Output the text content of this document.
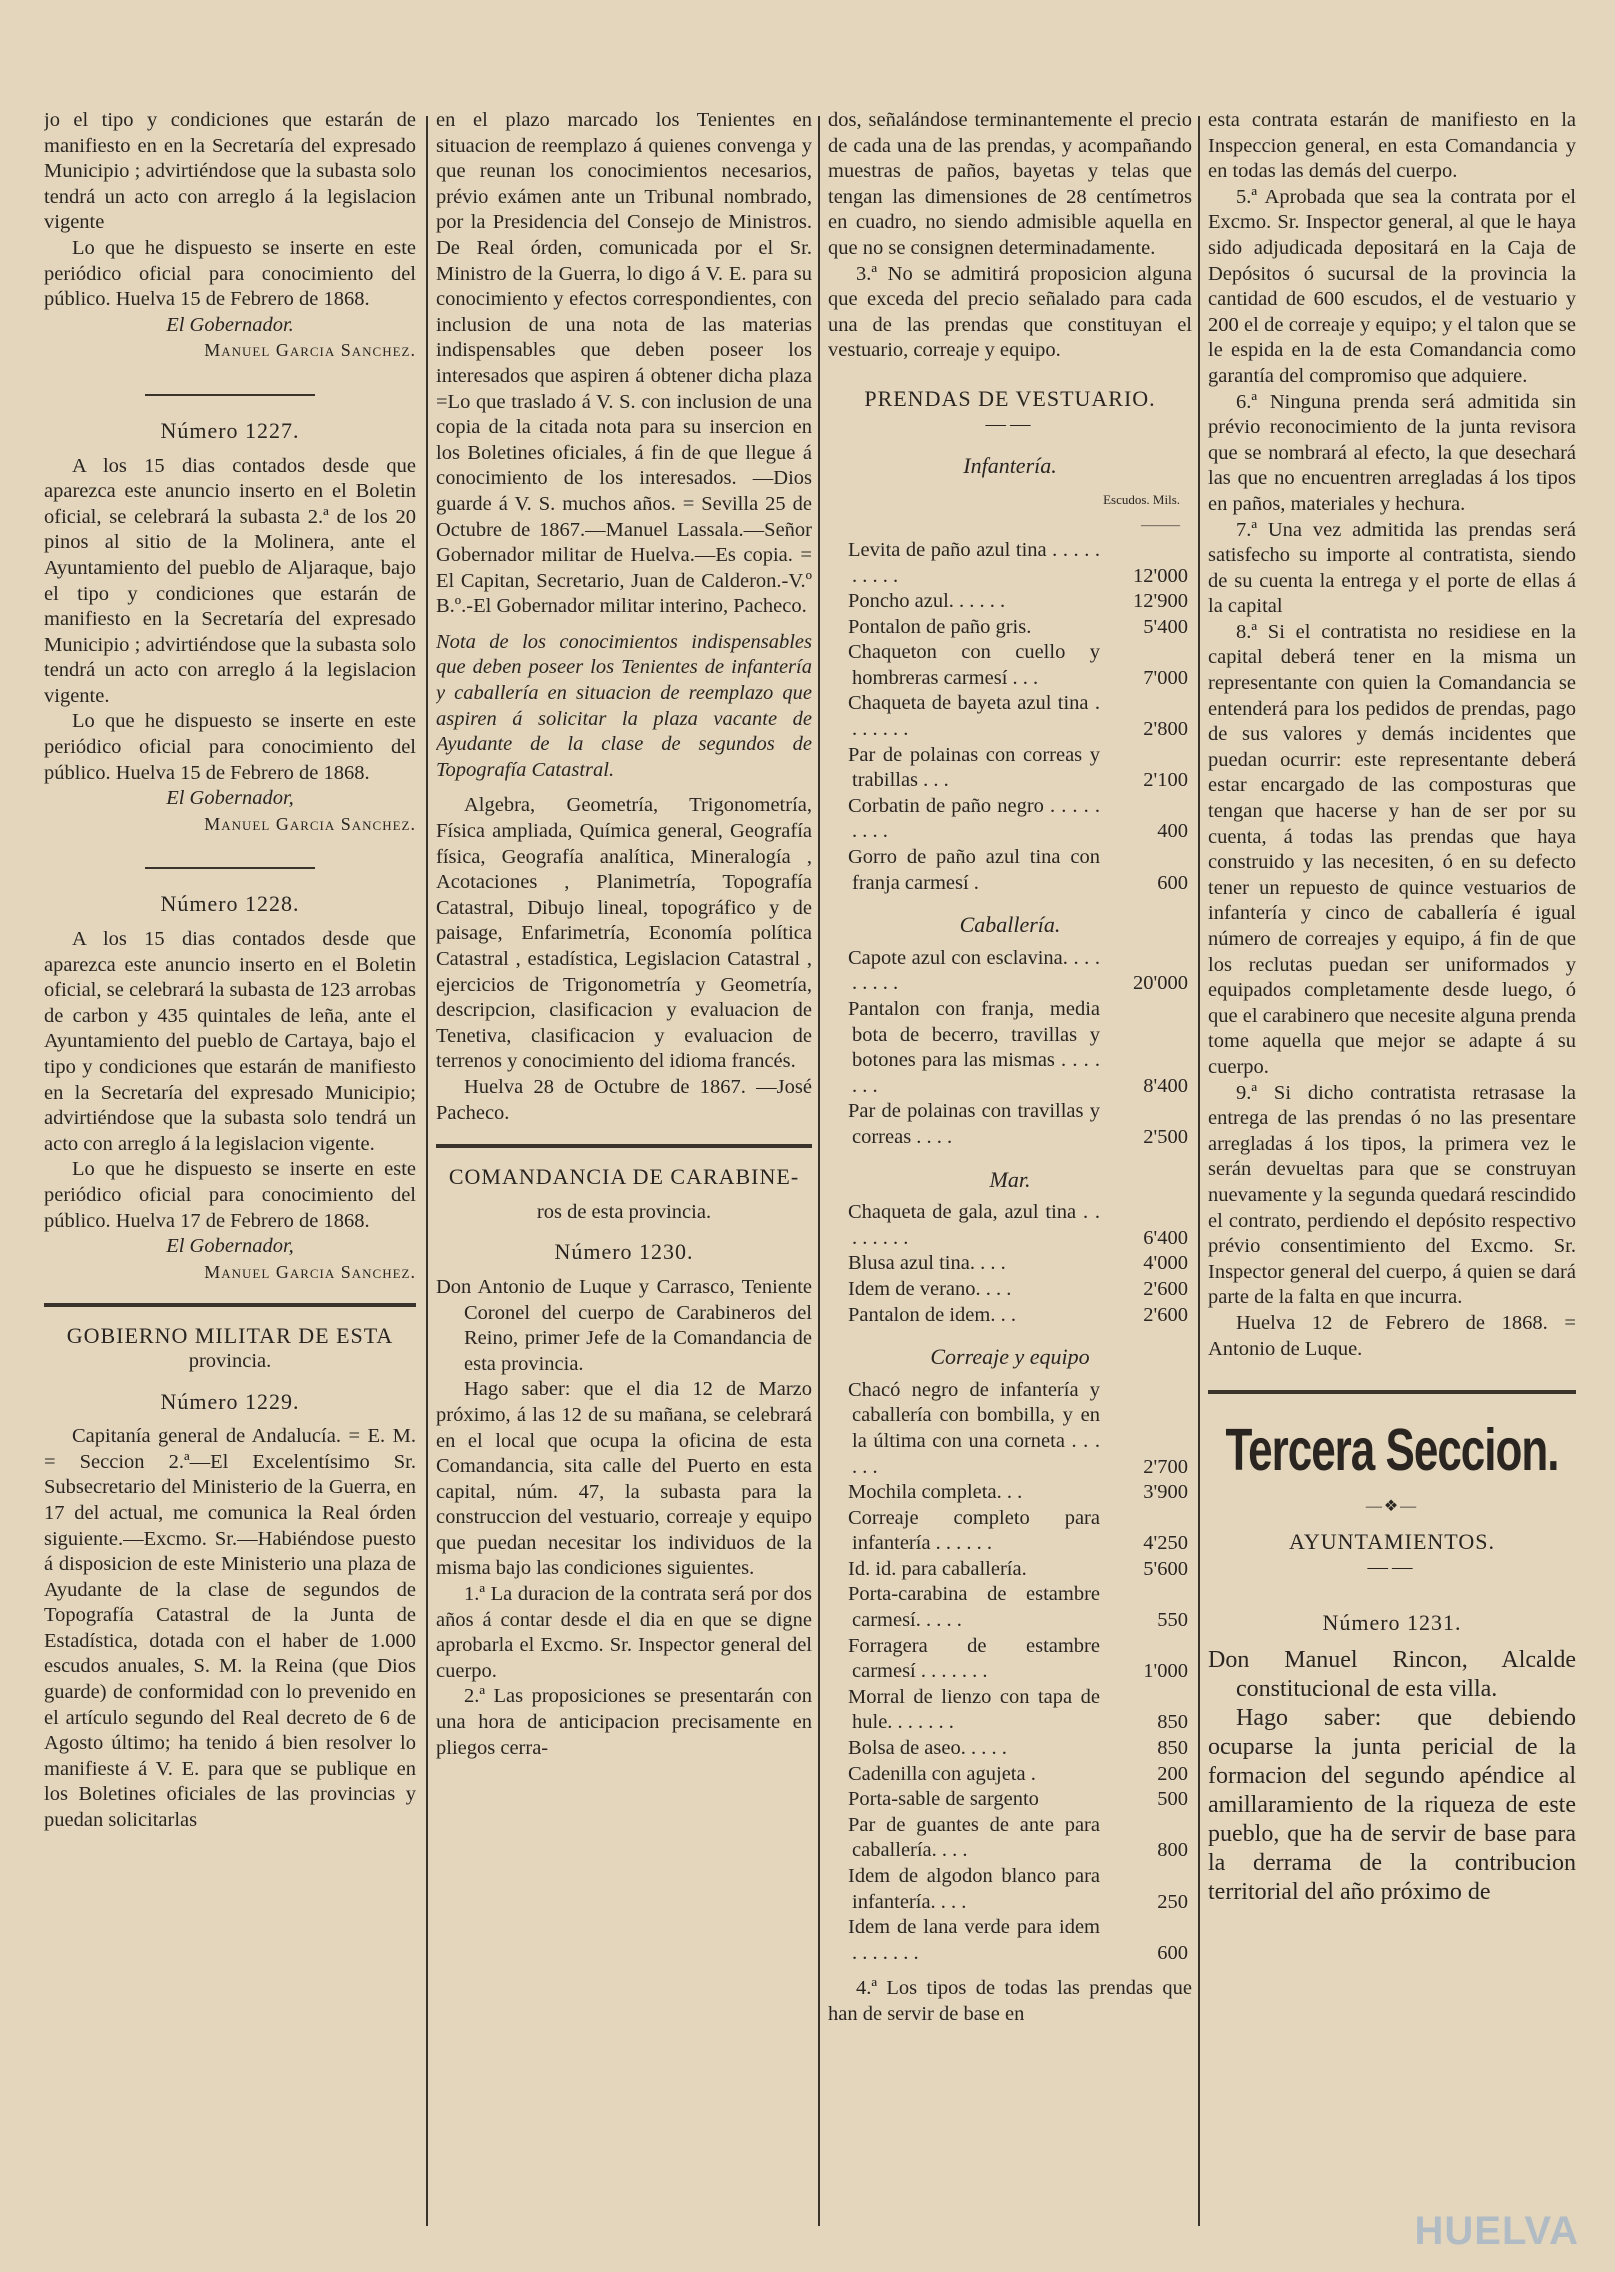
jo el tipo y condiciones que estarán de manifiesto en en la Secretaría del expresado Municipio ; advirtiéndose que la subasta solo tendrá un acto con arreglo á la legislacion vigente

Lo que he dispuesto se inserte en este periódico oficial para conocimiento del público. Huelva 15 de Febrero de 1868.

El Gobernador.

Manuel Garcia Sanchez.

Número 1227.

A los 15 dias contados desde que aparezca este anuncio inserto en el Boletin oficial, se celebrará la subasta 2.ª de los 20 pinos al sitio de la Molinera, ante el Ayuntamiento del pueblo de Aljaraque, bajo el tipo y condiciones que estarán de manifiesto en la Secretaría del expresado Municipio ; advirtiéndose que la subasta solo tendrá un acto con arreglo á la legislacion vigente.

Lo que he dispuesto se inserte en este periódico oficial para conocimiento del público. Huelva 15 de Febrero de 1868.

El Gobernador,

Manuel Garcia Sanchez.

Número 1228.

A los 15 dias contados desde que aparezca este anuncio inserto en el Boletin oficial, se celebrará la subasta de 123 arrobas de carbon y 435 quintales de leña, ante el Ayuntamiento del pueblo de Cartaya, bajo el tipo y condiciones que estarán de manifiesto en la Secretaría del expresado Municipio; advirtiéndose que la subasta solo tendrá un acto con arreglo á la legislacion vigente.

Lo que he dispuesto se inserte en este periódico oficial para conocimiento del público. Huelva 17 de Febrero de 1868.

El Gobernador,

Manuel Garcia Sanchez.

GOBIERNO MILITAR DE ESTA

provincia.

Número 1229.

Capitanía general de Andalucía. = E. M. = Seccion 2.ª—El Excelentísimo Sr. Subsecretario del Ministerio de la Guerra, en 17 del actual, me comunica la Real órden siguiente.—Excmo. Sr.—Habiéndose puesto á disposicion de este Ministerio una plaza de Ayudante de la clase de segundos de Topografía Catastral de la Junta de Estadística, dotada con el haber de 1.000 escudos anuales, S. M. la Reina (que Dios guarde) de conformidad con lo prevenido en el artículo segundo del Real decreto de 6 de Agosto último; ha tenido á bien resolver lo manifieste á V. E. para que se publique en los Boletines oficiales de las provincias y puedan solicitarlas

en el plazo marcado los Tenientes en situacion de reemplazo á quienes convenga y que reunan los conocimientos necesarios, prévio exámen ante un Tribunal nombrado, por la Presidencia del Consejo de Ministros. De Real órden, comunicada por el Sr. Ministro de la Guerra, lo digo á V. E. para su conocimiento y efectos correspondientes, con inclusion de una nota de las materias indispensables que deben poseer los interesados que aspiren á obtener dicha plaza =Lo que traslado á V. S. con inclusion de una copia de la citada nota para su insercion en los Boletines oficiales, á fin de que llegue á conocimiento de los interesados. —Dios guarde á V. S. muchos años. = Sevilla 25 de Octubre de 1867.—Manuel Lassala.—Señor Gobernador militar de Huelva.—Es copia. = El Capitan, Secretario, Juan de Calderon.-V.º B.º.-El Gobernador militar interino, Pacheco.

Nota de los conocimientos indispensables que deben poseer los Tenientes de infantería y caballería en situacion de reemplazo que aspiren á solicitar la plaza vacante de Ayudante de la clase de segundos de Topografía Catastral.

Algebra, Geometría, Trigonometría, Física ampliada, Química general, Geografía física, Geografía analítica, Mineralogía , Acotaciones , Planimetría, Topografía Catastral, Dibujo lineal, topográfico y de paisage, Enfarimetría, Economía política Catastral , estadística, Legislacion Catastral , ejercicios de Trigonometría y Geometría, descripcion, clasificacion y evaluacion de Tenetiva, clasificacion y evaluacion de terrenos y conocimiento del idioma francés.

Huelva 28 de Octubre de 1867. —José Pacheco.

COMANDANCIA DE CARABINE-

ros de esta provincia.

Número 1230.

Don Antonio de Luque y Carrasco, Teniente Coronel del cuerpo de Carabineros del Reino, primer Jefe de la Comandancia de esta provincia.

Hago saber: que el dia 12 de Marzo próximo, á las 12 de su mañana, se celebrará en el local que ocupa la oficina de esta Comandancia, sita calle del Puerto en esta capital, núm. 47, la subasta para la construccion del vestuario, correaje y equipo que puedan necesitar los individuos de la misma bajo las condiciones siguientes.

1.ª La duracion de la contrata será por dos años á contar desde el dia en que se digne aprobarla el Excmo. Sr. Inspector general del cuerpo.

2.ª Las proposiciones se presentarán con una hora de anticipacion precisamente en pliegos cerra-

dos, señalándose terminantemente el precio de cada una de las prendas, y acompañando muestras de paños, bayetas y telas que tengan las dimensiones de 28 centímetros en cuadro, no siendo admisible aquella en que no se consignen determinadamente.

3.ª No se admitirá proposicion alguna que exceda del precio señalado para cada una de las prendas que constituyan el vestuario, correaje y equipo.

PRENDAS DE VESTUARIO.

——

Infantería.

Escudos. Mils.

———

Levita de paño azul tina . . . . . . . . . .	12'000
Poncho azul. . . . . .	12'900
Pontalon de paño gris.	5'400
Chaqueton con cuello y hombreras carmesí . . .	7'000
Chaqueta de bayeta azul tina . . . . . . .	2'800
Par de polainas con correas y trabillas . . .	2'100
Corbatin de paño negro . . . . . . . . .	400
Gorro de paño azul tina con franja carmesí .	600

Caballería.

Capote azul con esclavina. . . . . . . . .	20'000
Pantalon con franja, media bota de becerro, travillas y botones para las mismas . . . . . . .	8'400
Par de polainas con travillas y correas . . . .	2'500

Mar.

Chaqueta de gala, azul tina . . . . . . . .	6'400
Blusa azul tina. . . .	4'000
Idem de verano. . . .	2'600
Pantalon de idem. . .	2'600

Correaje y equipo

Chacó negro de infantería y caballería con bombilla, y en la última con una corneta . . . . . .	2'700
Mochila completa. . .	3'900
Correaje completo para infantería . . . . . .	4'250
Id. id. para caballería.	5'600
Porta-carabina de estambre carmesí. . . . .	550
Forragera de estambre carmesí . . . . . . .	1'000
Morral de lienzo con tapa de hule. . . . . . .	850
Bolsa de aseo. . . . .	850
Cadenilla con agujeta .	200
Porta-sable de sargento	500
Par de guantes de ante para caballería. . . .	800
Idem de algodon blanco para infantería. . . .	250
Idem de lana verde para idem . . . . . . .	600

4.ª Los tipos de todas las prendas que han de servir de base en

esta contrata estarán de manifiesto en la Inspeccion general, en esta Comandancia y en todas las demás del cuerpo.

5.ª Aprobada que sea la contrata por el Excmo. Sr. Inspector general, al que le haya sido adjudicada depositará en la Caja de Depósitos ó sucursal de la provincia la cantidad de 600 escudos, el de vestuario y 200 el de correaje y equipo; y el talon que se le espida en la de esta Comandancia como garantía del compromiso que adquiere.

6.ª Ninguna prenda será admitida sin prévio reconocimiento de la junta revisora que se nombrará al efecto, la que desechará las que no encuentren arregladas á los tipos en paños, materiales y hechura.

7.ª Una vez admitida las prendas será satisfecho su importe al contratista, siendo de su cuenta la entrega y el porte de ellas á la capital

8.ª Si el contratista no residiese en la capital deberá tener en la misma un representante con quien la Comandancia se entenderá para los pedidos de prendas, pago de sus valores y demás incidentes que puedan ocurrir: este representante deberá estar encargado de las composturas que tengan que hacerse y han de ser por su cuenta, á todas las prendas que haya construido y las necesiten, ó en su defecto tener un repuesto de quince vestuarios de infantería y cinco de caballería é igual número de correajes y equipo, á fin de que los reclutas puedan ser uniformados y equipados completamente desde luego, ó que el carabinero que necesite alguna prenda tome aquella que mejor se adapte á su cuerpo.

9.ª Si dicho contratista retrasase la entrega de las prendas ó no las presentare arregladas á los tipos, la primera vez le serán devueltas para que se construyan nuevamente y la segunda quedará rescindido el contrato, perdiendo el depósito respectivo prévio consentimiento del Excmo. Sr. Inspector general del cuerpo, á quien se dará parte de la falta en que incurra.

Huelva 12 de Febrero de 1868. = Antonio de Luque.

Tercera Seccion.

—❖—

AYUNTAMIENTOS.

——

Número 1231.

Don Manuel Rincon, Alcalde constitucional de esta villa.

Hago saber: que debiendo ocuparse la junta pericial de la formacion del segundo apéndice al amillaramiento de la riqueza de este pueblo, que ha de servir de base para la derrama de la contribucion territorial del año próximo de

HUELVA
